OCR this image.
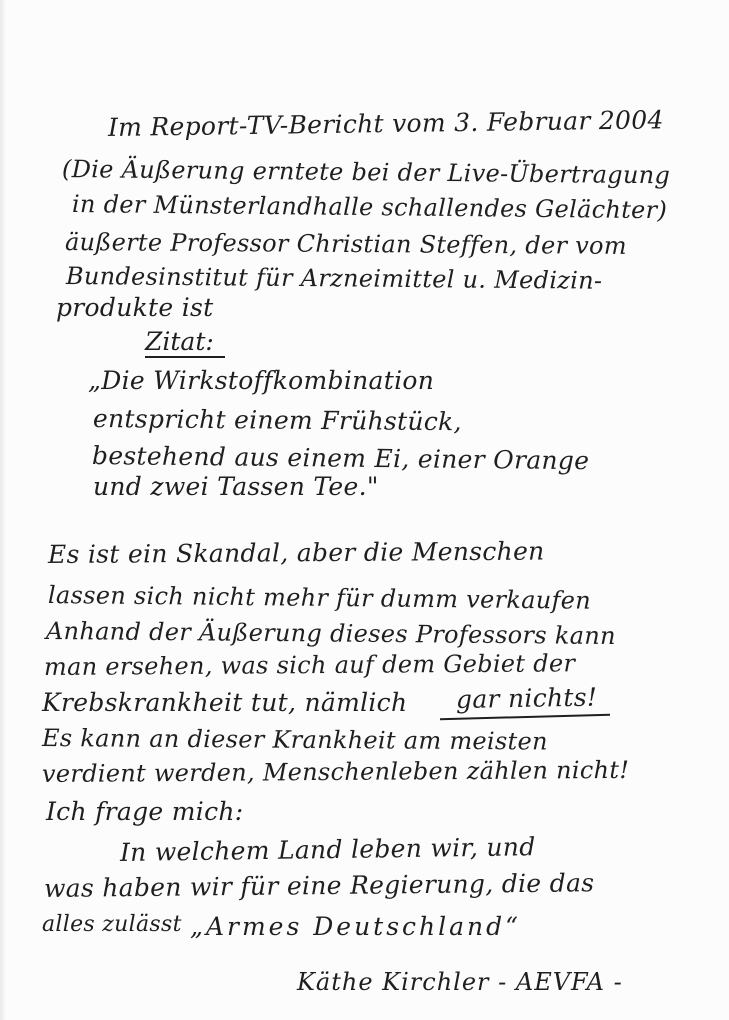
Im Report-TV-Bericht vom 3. Februar 2004
(Die Äußerung erntete bei der Live-Übertragung
in der Münsterlandhalle schallendes Gelächter)
äußerte Professor Christian Steffen, der vom
Bundesinstitut für Arzneimittel u. Medizin-
produkte ist
Zitat:
„Die Wirkstoffkombination
entspricht einem Frühstück,
bestehend aus einem Ei, einer Orange
und zwei Tassen Tee."
Es ist ein Skandal, aber die Menschen
lassen sich nicht mehr für dumm verkaufen
Anhand der Äußerung dieses Professors kann
man ersehen, was sich auf dem Gebiet der
Krebskrankheit tut, nämlich gar nichts!
Es kann an dieser Krankheit am meisten
verdient werden, Menschenleben zählen nicht!
Ich frage mich:
In welchem Land leben wir, und
was haben wir für eine Regierung, die das
alles zulässt „Armes Deutschland“
Käthe Kirchler - AEVFA -
